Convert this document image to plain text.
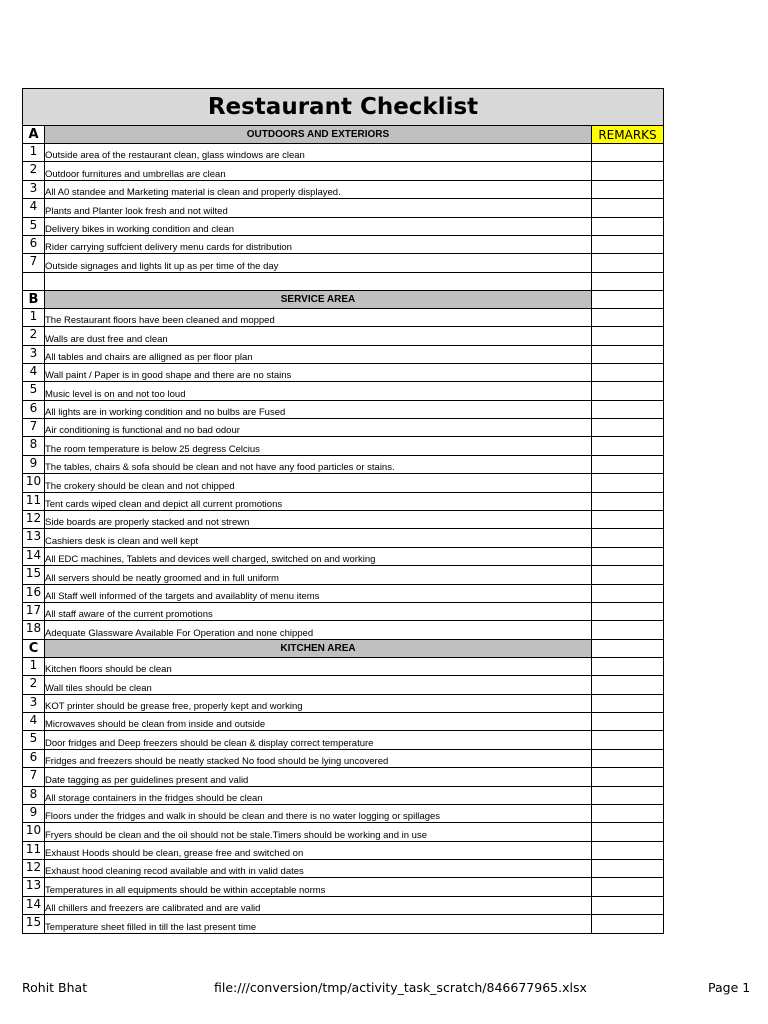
Restaurant Checklist		
A	OUTDOORS AND EXTERIORS	REMARKS
1	Outside area of the restaurant clean, glass windows are clean	
2	Outdoor furnitures and umbrellas are clean	
3	All A0 standee and Marketing material is clean and properly displayed.	
4	Plants and Planter look fresh and not wilted	
5	Delivery bikes in working condition and clean	
6	Rider carrying suffcient delivery menu cards for distribution	
7	Outside signages and lights lit up as per time of the day	

B	SERVICE AREA	
1	The Restaurant floors have been cleaned and mopped	
2	Walls are dust free and clean	
3	All tables and chairs are alligned as per floor plan	
4	Wall paint / Paper is in good shape and there are no stains	
5	Music level is on and not too loud	
6	All lights are in working condition and no bulbs are Fused	
7	Air conditioning is functional and no bad odour	
8	The room temperature is below 25 degress Celcius	
9	The tables, chairs & sofa should be clean and not have any food particles or stains.	
10	The crokery should be clean and not chipped	
11	Tent cards wiped clean and depict all current promotions	
12	Side boards are properly stacked and not strewn	
13	Cashiers desk is clean and well kept	
14	All EDC machines, Tablets and devices well charged, switched on and working	
15	All servers should be neatly groomed and in full uniform	
16	All Staff well informed of the targets and availablity of menu items	
17	All staff aware of the current promotions	
18	Adequate Glassware Available For Operation and none chipped	
C	KITCHEN AREA	
1	Kitchen floors should be clean	
2	Wall tiles should be clean	
3	KOT printer should be grease free, properly kept and working	
4	Microwaves should be clean from inside and outside	
5	Door fridges and Deep freezers should be clean & display correct temperature	
6	Fridges and freezers should be neatly stacked No food should be lying uncovered	
7	Date tagging as per guidelines present and valid	
8	All storage containers in the fridges should be clean	
9	Floors under the fridges and walk in should be clean and there is no water logging or spillages	
10	Fryers should be clean and the oil should not be stale.Timers should be working and in use	
11	Exhaust Hoods should be clean, grease free and switched on	
12	Exhaust hood cleaning recod available and with in valid dates	
13	Temperatures in all equipments should be within acceptable norms	
14	All chillers and freezers are calibrated and are valid	
15	Temperature sheet filled in till the last present time	
Rohit Bhat	file:///conversion/tmp/activity_task_scratch/846677965.xlsx	Page 1
